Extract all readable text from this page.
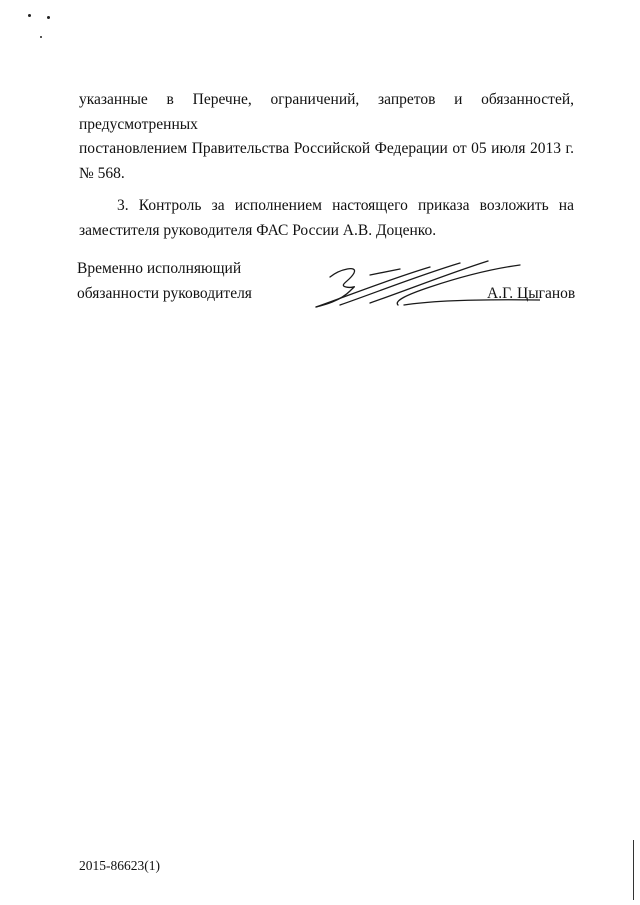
указанные в Перечне, ограничений, запретов и обязанностей, предусмотренных
постановлением Правительства Российской Федерации от 05 июля 2013 г.
№ 568.

3. Контроль за исполнением настоящего приказа возложить на
заместителя руководителя ФАС России А.В. Доценко.

Временно исполняющий
обязанности руководителя	А.Г. Цыганов
2015-86623(1)
